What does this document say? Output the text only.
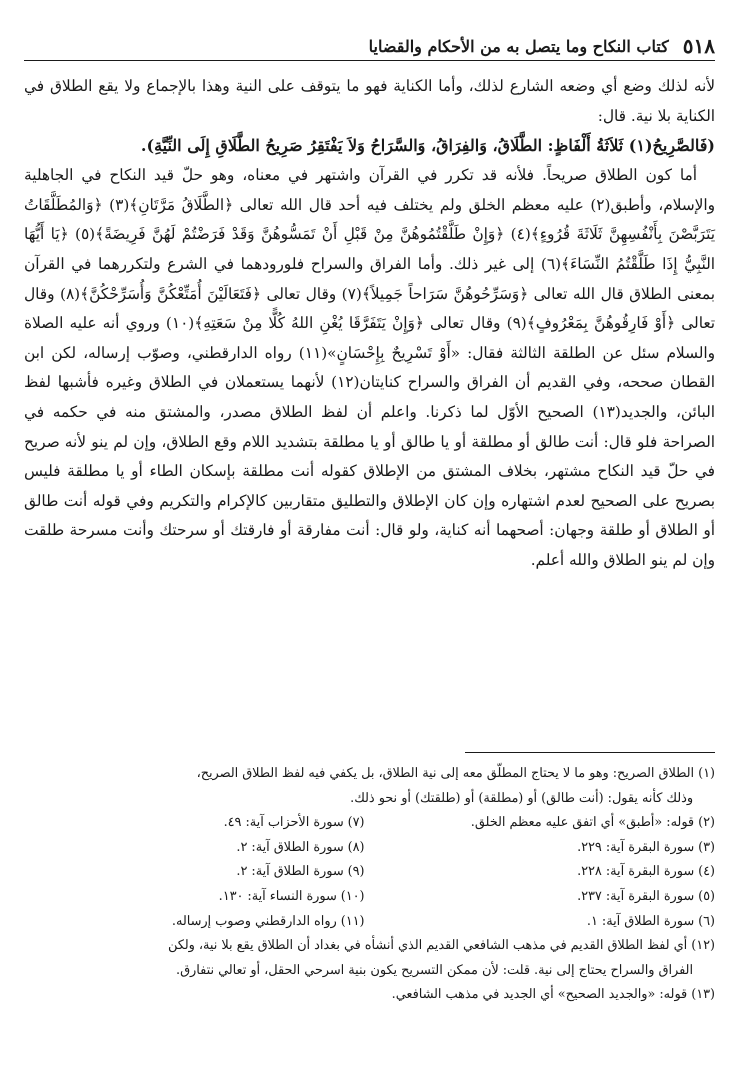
٥١٨
كتاب النكاح وما يتصل به من الأحكام والقضايا

لأنه لذلك وضع أي وضعه الشارع لذلك، وأما الكناية فهو ما يتوقف على النية وهذا بالإجماع ولا يقع الطلاق في الكناية بلا نية. قال:

(فَالصَّرِيحُ(١) ثَلاَثَةُ أَلْفَاظٍ: الطَّلَاقُ، وَالفِرَاقُ، وَالسَّرَاحُ وَلاَ يَفْتَقِرُ صَرِيحُ الطَّلَاقِ إِلَى النِّيَّةِ).

أما كون الطلاق صريحاً. فلأنه قد تكرر في القرآن واشتهر في معناه، وهو حلّ قيد النكاح في الجاهلية والإسلام، وأطبق(٢) عليه معظم الخلق ولم يختلف فيه أحد قال الله تعالى ﴿الطَّلَاقُ مَرَّتَانِ﴾(٣) ﴿وَالمُطَلَّقَاتُ يَتَرَبَّصْنَ بِأَنْفُسِهِنَّ ثَلَاثَةَ قُرُوءٍ﴾(٤) ﴿وَإِنْ طَلَّقْتُمُوهُنَّ مِنْ قَبْلِ أَنْ تَمَسُّوهُنَّ وَقَدْ فَرَضْتُمْ لَهُنَّ فَرِيضَةً﴾(٥) ﴿يَا أَيُّهَا النَّبِيُّ إِذَا طَلَّقْتُمُ النِّسَاءَ﴾(٦) إلى غير ذلك. وأما الفراق والسراح فلورودهما في الشرع ولتكررهما في القرآن بمعنى الطلاق قال الله تعالى ﴿وَسَرِّحُوهُنَّ سَرَاحاً جَمِيلاً﴾(٧) وقال تعالى ﴿فَتَعَالَيْنَ أُمَتِّعْكُنَّ وَأُسَرِّحْكُنَّ﴾(٨) وقال تعالى ﴿أَوْ فَارِقُوهُنَّ بِمَعْرُوفٍ﴾(٩) وقال تعالى ﴿وَإِنْ يَتَفَرَّقَا يُغْنِ اللهُ كُلًّا مِنْ سَعَتِهِ﴾(١٠) وروي أنه عليه الصلاة والسلام سئل عن الطلقة الثالثة فقال: «أَوْ تَسْرِيحٌ بِإِحْسَانٍ»(١١) رواه الدارقطني، وصوّب إرساله، لكن ابن القطان صححه، وفي القديم أن الفراق والسراح كنايتان(١٢) لأنهما يستعملان في الطلاق وغيره فأشبها لفظ البائن، والجديد(١٣) الصحيح الأوّل لما ذكرنا. واعلم أن لفظ الطلاق مصدر، والمشتق منه في حكمه في الصراحة فلو قال: أنت طالق أو مطلقة أو يا طالق أو يا مطلقة بتشديد اللام وقع الطلاق، وإن لم ينو لأنه صريح في حلّ قيد النكاح مشتهر، بخلاف المشتق من الإطلاق كقوله أنت مطلقة بإسكان الطاء أو يا مطلقة فليس بصريح على الصحيح لعدم اشتهاره وإن كان الإطلاق والتطليق متقاربين كالإكرام والتكريم وفي قوله أنت طالق أو الطلاق أو طلقة وجهان: أصحهما أنه كناية، ولو قال: أنت مفارقة أو فارقتك أو سرحتك وأنت مسرحة طلقت وإن لم ينو الطلاق والله أعلم.

(١) الطلاق الصريح: وهو ما لا يحتاج المطلّق معه إلى نية الطلاق، بل يكفي فيه لفظ الطلاق الصريح،

وذلك كأنه يقول: (أنت طالق) أو (مطلقة) أو (طلقتك) أو نحو ذلك.

(٢) قوله: «أطبق» أي اتفق عليه معظم الخلق.

(٧) سورة الأحزاب آية: ٤٩.

(٣) سورة البقرة آية: ٢٢٩.

(٨) سورة الطلاق آية: ٢.

(٤) سورة البقرة آية: ٢٢٨.

(٩) سورة الطلاق آية: ٢.

(٥) سورة البقرة آية: ٢٣٧.

(١٠) سورة النساء آية: ١٣٠.

(٦) سورة الطلاق آية: ١.

(١١) رواه الدارقطني وصوب إرساله.

(١٢) أي لفظ الطلاق القديم في مذهب الشافعي القديم الذي أنشأه في بغداد أن الطلاق يقع بلا نية، ولكن

الفراق والسراح يحتاج إلى نية. قلت: لأن ممكن التسريح يكون بنية اسرحي الحقل، أو تعالي نتفارق.

(١٣) قوله: «والجديد الصحيح» أي الجديد في مذهب الشافعي.
